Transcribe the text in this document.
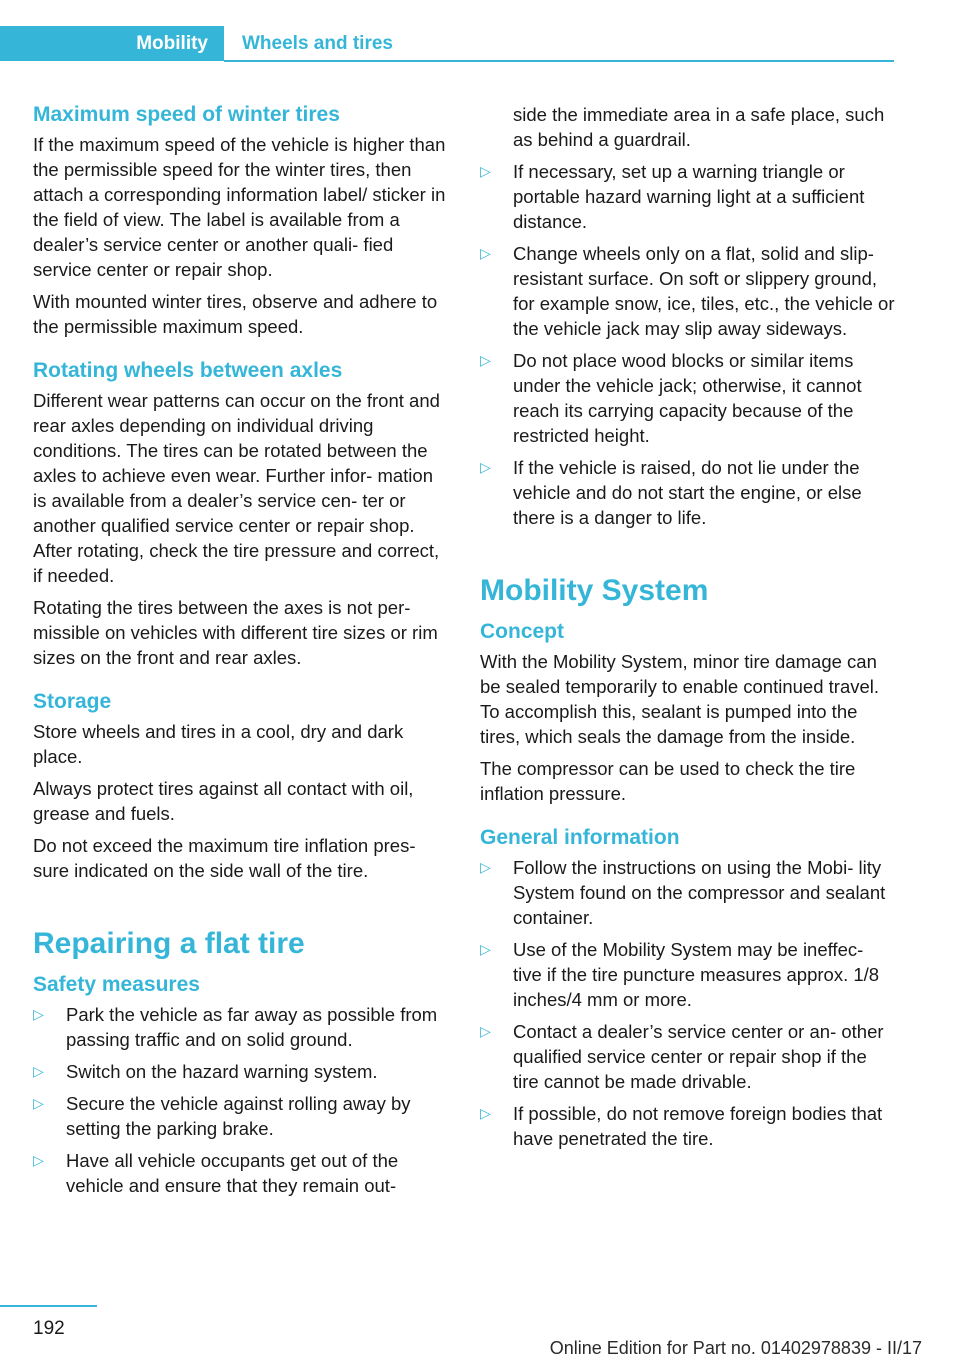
Mobility	Wheels and tires
Maximum speed of winter tires

If the maximum speed of the vehicle is higher than the permissible speed for the winter tires, then attach a corresponding information label/ sticker in the field of view. The label is available from a dealer’s service center or another quali‐ fied service center or repair shop.

With mounted winter tires, observe and adhere to the permissible maximum speed.

Rotating wheels between axles

Different wear patterns can occur on the front and rear axles depending on individual driving conditions. The tires can be rotated between the axles to achieve even wear. Further infor‐ mation is available from a dealer’s service cen‐ ter or another qualified service center or repair shop. After rotating, check the tire pressure and correct, if needed.

Rotating the tires between the axes is not per‐ missible on vehicles with different tire sizes or rim sizes on the front and rear axles.

Storage

Store wheels and tires in a cool, dry and dark place.

Always protect tires against all contact with oil, grease and fuels.

Do not exceed the maximum tire inflation pres‐ sure indicated on the side wall of the tire.

Repairing a flat tire
Safety measures
▷	Park the vehicle as far away as possible from passing traffic and on solid ground.
▷	Switch on the hazard warning system.
▷	Secure the vehicle against rolling away by setting the parking brake.
▷	Have all vehicle occupants get out of the vehicle and ensure that they remain out‐
side the immediate area in a safe place, such as behind a guardrail.
▷	If necessary, set up a warning triangle or portable hazard warning light at a sufficient distance.
▷	Change wheels only on a flat, solid and slip-resistant surface. On soft or slippery ground, for example snow, ice, tiles, etc., the vehicle or the vehicle jack may slip away sideways.
▷	Do not place wood blocks or similar items under the vehicle jack; otherwise, it cannot reach its carrying capacity because of the restricted height.
▷	If the vehicle is raised, do not lie under the vehicle and do not start the engine, or else there is a danger to life.
Mobility System
Concept

With the Mobility System, minor tire damage can be sealed temporarily to enable continued travel. To accomplish this, sealant is pumped into the tires, which seals the damage from the inside.

The compressor can be used to check the tire inflation pressure.

General information
▷	Follow the instructions on using the Mobi‐ lity System found on the compressor and sealant container.
▷	Use of the Mobility System may be ineffec‐ tive if the tire puncture measures approx. 1/8 inches/4 mm or more.
▷	Contact a dealer’s service center or an‐ other qualified service center or repair shop if the tire cannot be made drivable.
▷	If possible, do not remove foreign bodies that have penetrated the tire.
192
Online Edition for Part no. 01402978839 - II/17
